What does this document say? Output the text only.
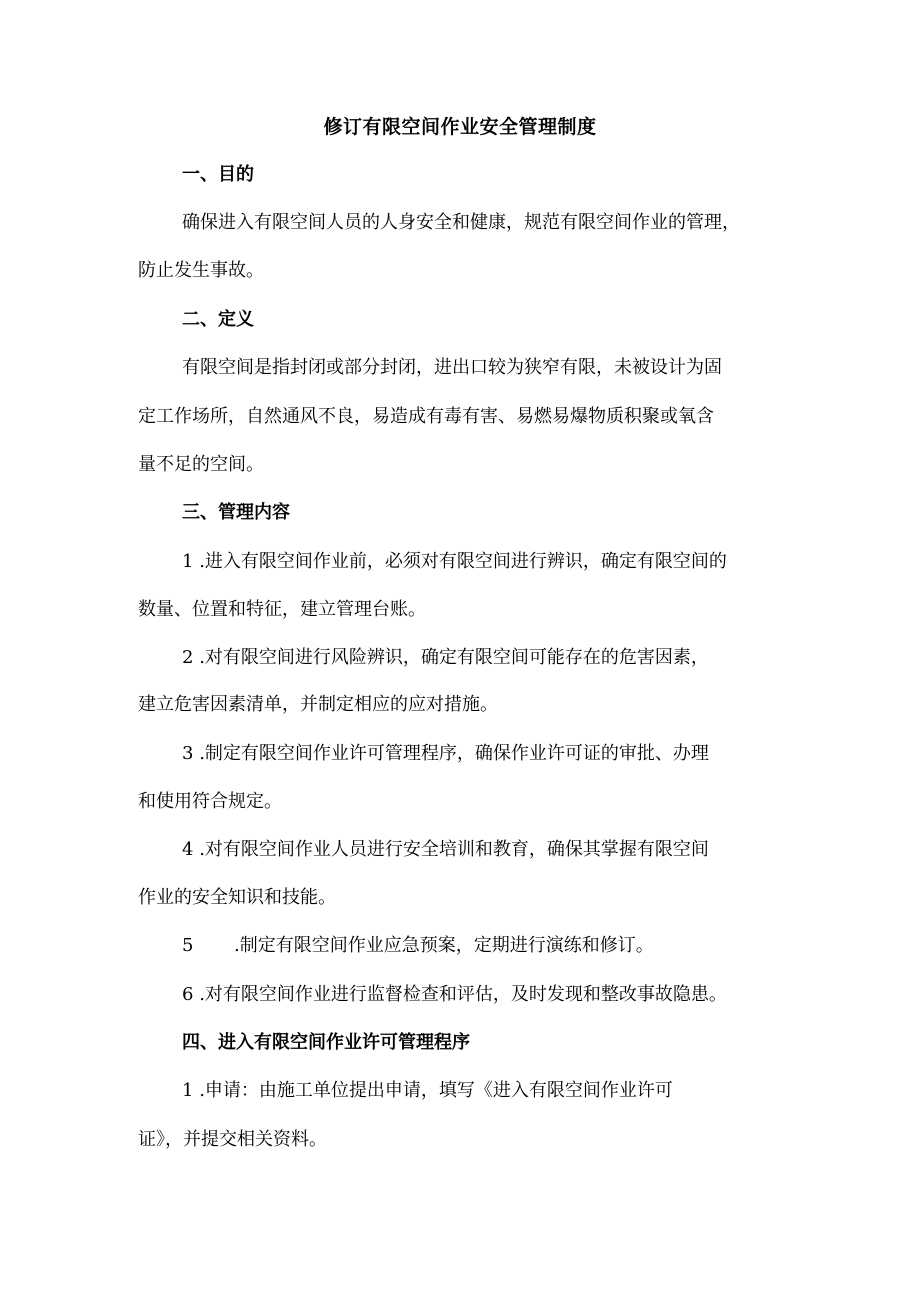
修订有限空间作业安全管理制度
一、目的

确保进入有限空间人员的人身安全和健康，规范有限空间作业的管理，

防止发生事故。

二、定义

有限空间是指封闭或部分封闭，进出口较为狭窄有限，未被设计为固

定工作场所，自然通风不良，易造成有毒有害、易燃易爆物质积聚或氧含

量不足的空间。

三、管理内容

1 .进入有限空间作业前，必须对有限空间进行辨识，确定有限空间的

数量、位置和特征，建立管理台账。

2 .对有限空间进行风险辨识，确定有限空间可能存在的危害因素，

建立危害因素清单，并制定相应的应对措施。

3 .制定有限空间作业许可管理程序，确保作业许可证的审批、办理

和使用符合规定。

4 .对有限空间作业人员进行安全培训和教育，确保其掌握有限空间

作业的安全知识和技能。

5 .制定有限空间作业应急预案，定期进行演练和修订。

6 .对有限空间作业进行监督检查和评估，及时发现和整改事故隐患。

四、进入有限空间作业许可管理程序

1 .申请：由施工单位提出申请，填写《进入有限空间作业许可

证》，并提交相关资料。
